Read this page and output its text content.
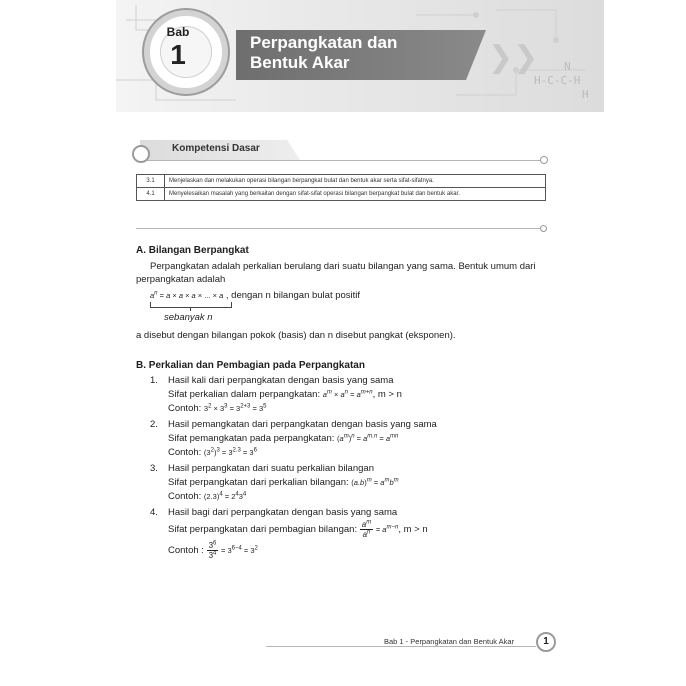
Perpangkatan dan
Bentuk Akar	❯❯	N
H-C-C-H
H
Bab
1
Kompetensi Dasar
3.1	Menjelaskan dan melakukan operasi bilangan berpangkat bulat dan bentuk akar serta sifat-sifatnya.
4.1	Menyelesaikan masalah yang berkaitan dengan sifat-sifat operasi bilangan berpangkat bulat dan bentuk akar.
A. Bilangan Berpangkat
Perpangkatan adalah perkalian berulang dari suatu bilangan yang sama. Bentuk umum dari
perpangkatan adalah
$a^n = a \times a \times a$ × ... × a , dengan n bilangan bulat positif
sebanyak n
a disebut dengan bilangan pokok (basis) dan n disebut pangkat (eksponen).
B. Perkalian dan Pembagian pada Perpangkatan
1. Hasil kali dari perpangkatan dengan basis yang sama
Sifat perkalian dalam perpangkatan: $a^m \times a^n = a^{m+n}$, m > n
Contoh: $3^2 \times 3^3 = 3^{2+3} = 3^5$
2. Hasil pemangkatan dari perpangkatan dengan basis yang sama
Sifat pemangkatan pada perpangkatan: $(a^m)^n = a^{m.n} = a^{mn}$
Contoh: $(3^2)^3 = 3^{2.3} = 3^6$
3. Hasil perpangkatan dari suatu perkalian bilangan
Sifat perpangkatan dari perkalian bilangan: $(a.b)^m = a^mb^m$
Contoh: $(2.3)^4 = 2^43^4$
4. Hasil bagi dari perpangkatan dengan basis yang sama
Sifat perpangkatan dari pembagian bilangan: $\frac{a^m}{a^n} = a^{m-n}$, m > n
Contoh : $\frac{3^6}{3^4} = 3^{6-4} = 3^2$
Bab 1 - Perpangkatan dan Bentuk Akar	1
